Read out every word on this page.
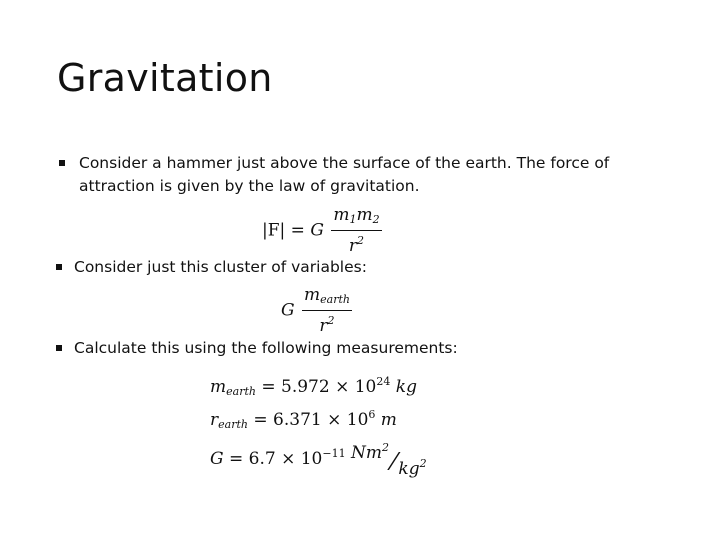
Gravitation
Consider a hammer just above the surface of the earth. The force of attraction is given by the law of gravitation.
|F| = G $\frac{m_1m_2}{r^2}$
Consider just this cluster of variables:
G $\frac{m_{earth}}{r^2}$
Calculate this using the following measurements:
$m_{earth} = 5.972 \times 10^{24}$ kg
$r_{earth} = 6.371 \times 10^6$ m
$G = 6.7 \times 10^{-11}$ $Nm^2/kg^2$
